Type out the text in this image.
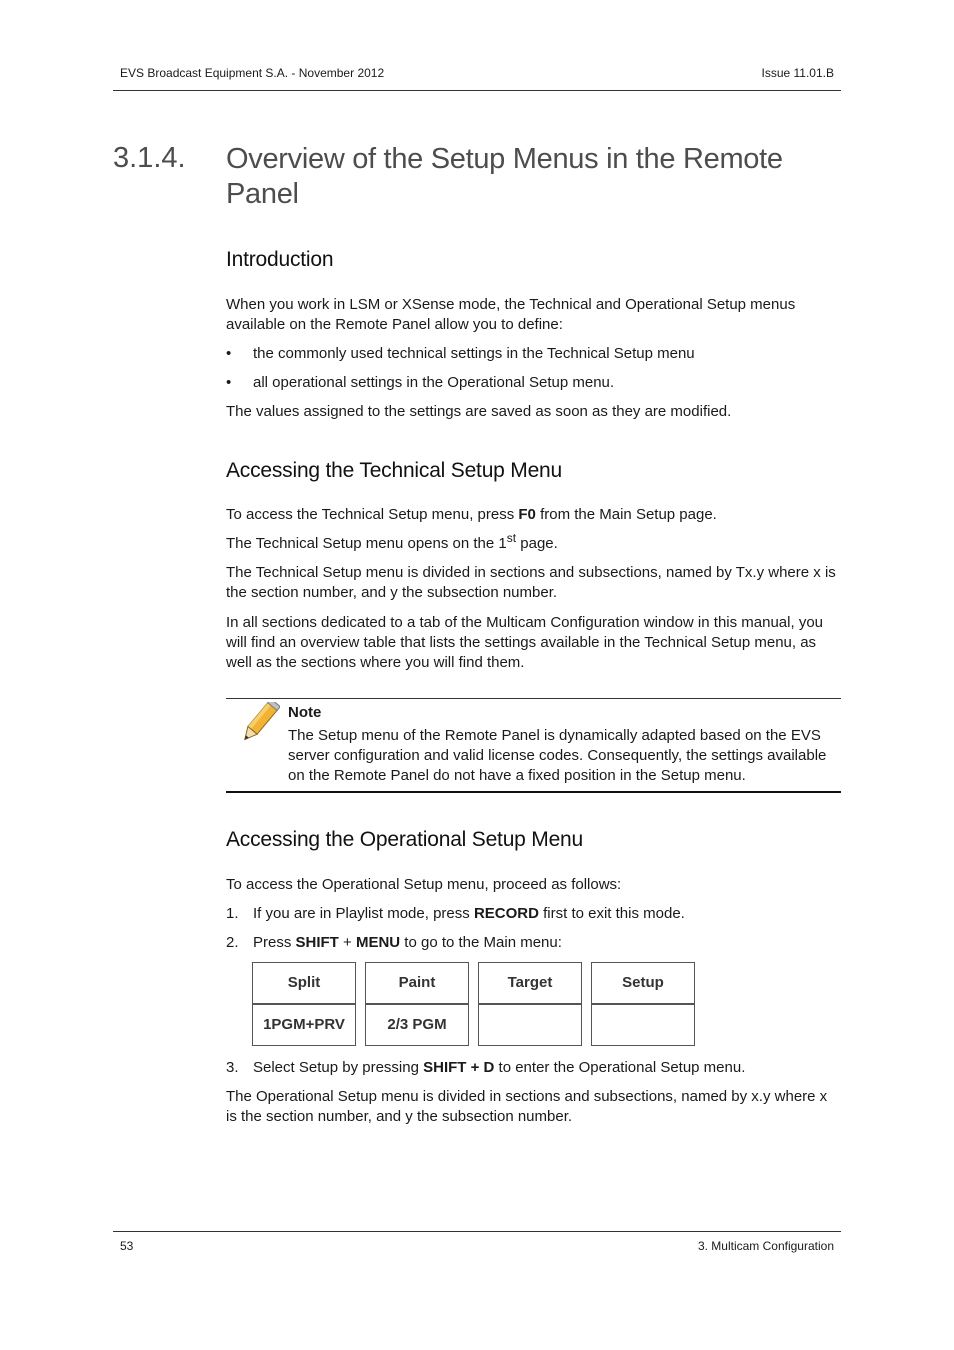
EVS Broadcast Equipment S.A. - November 2012	Issue 11.01.B
3.1.4. Overview of the Setup Menus in the Remote Panel
Introduction
When you work in LSM or XSense mode, the Technical and Operational Setup menus available on the Remote Panel allow you to define:
• the commonly used technical settings in the Technical Setup menu
• all operational settings in the Operational Setup menu.
The values assigned to the settings are saved as soon as they are modified.
Accessing the Technical Setup Menu
To access the Technical Setup menu, press F0 from the Main Setup page.
The Technical Setup menu opens on the 1st page.
The Technical Setup menu is divided in sections and subsections, named by Tx.y where x is the section number, and y the subsection number.
In all sections dedicated to a tab of the Multicam Configuration window in this manual, you will find an overview table that lists the settings available in the Technical Setup menu, as well as the sections where you will find them.
Note
The Setup menu of the Remote Panel is dynamically adapted based on the EVS server configuration and valid license codes. Consequently, the settings available on the Remote Panel do not have a fixed position in the Setup menu.
Accessing the Operational Setup Menu
To access the Operational Setup menu, proceed as follows:
1. If you are in Playlist mode, press RECORD first to exit this mode.
2. Press SHIFT + MENU to go to the Main menu:
Split	Paint	Target	Setup
1PGM+PRV	2/3 PGM
3. Select Setup by pressing SHIFT + D to enter the Operational Setup menu.
The Operational Setup menu is divided in sections and subsections, named by x.y where x is the section number, and y the subsection number.
53	3. Multicam Configuration
